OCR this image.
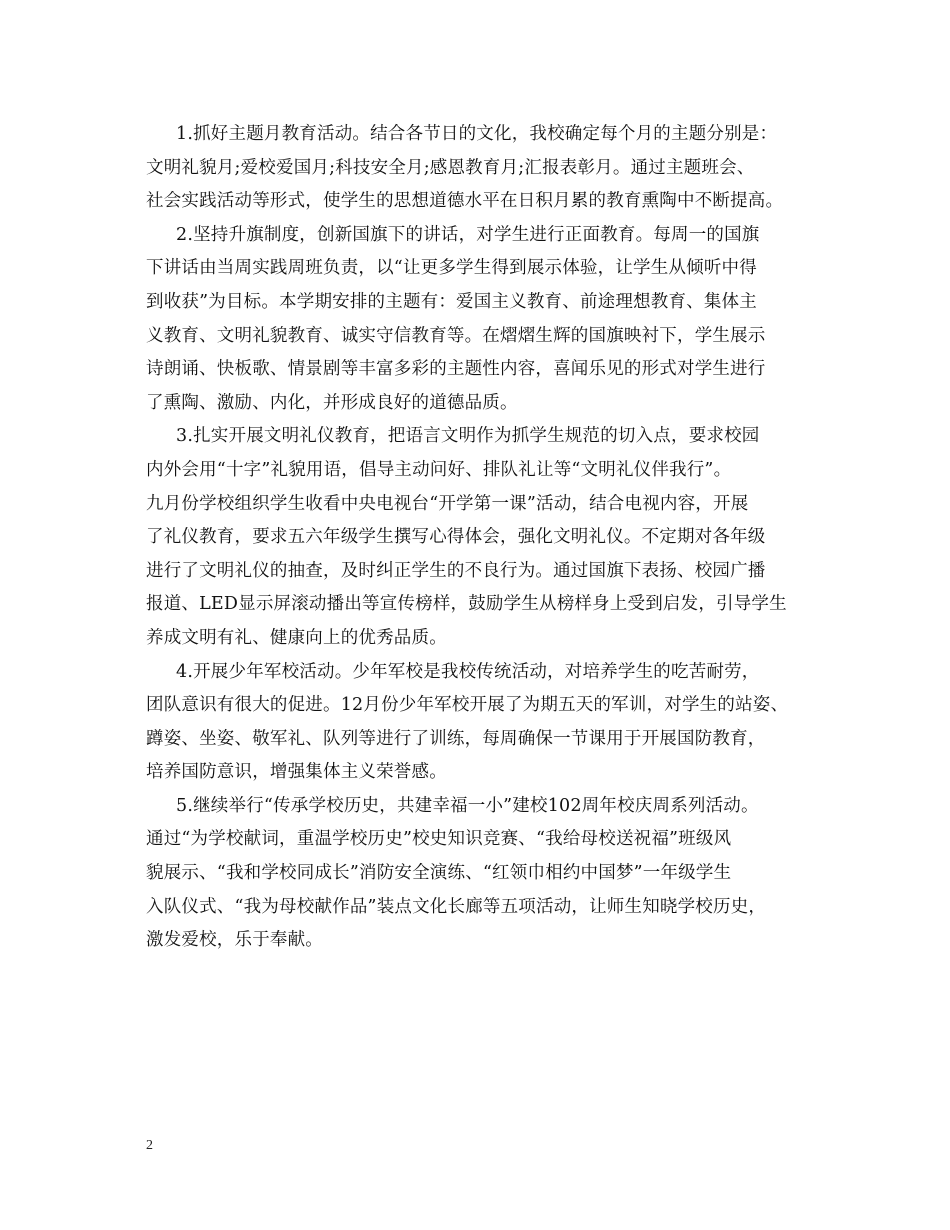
1.抓好主题月教育活动。结合各节日的文化，我校确定每个月的主题分别是：
文明礼貌月;爱校爱国月;科技安全月;感恩教育月;汇报表彰月。通过主题班会、
社会实践活动等形式，使学生的思想道德水平在日积月累的教育熏陶中不断提高。
2.坚持升旗制度，创新国旗下的讲话，对学生进行正面教育。每周一的国旗
下讲话由当周实践周班负责，以“让更多学生得到展示体验，让学生从倾听中得
到收获”为目标。本学期安排的主题有：爱国主义教育、前途理想教育、集体主
义教育、文明礼貌教育、诚实守信教育等。在熠熠生辉的国旗映衬下，学生展示
诗朗诵、快板歌、情景剧等丰富多彩的主题性内容，喜闻乐见的形式对学生进行
了熏陶、激励、内化，并形成良好的道德品质。
3.扎实开展文明礼仪教育，把语言文明作为抓学生规范的切入点，要求校园
内外会用“十字”礼貌用语，倡导主动问好、排队礼让等“文明礼仪伴我行”。
九月份学校组织学生收看中央电视台“开学第一课”活动，结合电视内容，开展
了礼仪教育，要求五六年级学生撰写心得体会，强化文明礼仪。不定期对各年级
进行了文明礼仪的抽查，及时纠正学生的不良行为。通过国旗下表扬、校园广播
报道、LED显示屏滚动播出等宣传榜样，鼓励学生从榜样身上受到启发，引导学生
养成文明有礼、健康向上的优秀品质。
4.开展少年军校活动。少年军校是我校传统活动，对培养学生的吃苦耐劳，
团队意识有很大的促进。12月份少年军校开展了为期五天的军训，对学生的站姿、
蹲姿、坐姿、敬军礼、队列等进行了训练，每周确保一节课用于开展国防教育，
培养国防意识，增强集体主义荣誉感。
5.继续举行“传承学校历史，共建幸福一小”建校102周年校庆周系列活动。
通过“为学校献词，重温学校历史”校史知识竞赛、“我给母校送祝福”班级风
貌展示、“我和学校同成长”消防安全演练、“红领巾相约中国梦”一年级学生
入队仪式、“我为母校献作品”装点文化长廊等五项活动，让师生知晓学校历史，
激发爱校，乐于奉献。
2
